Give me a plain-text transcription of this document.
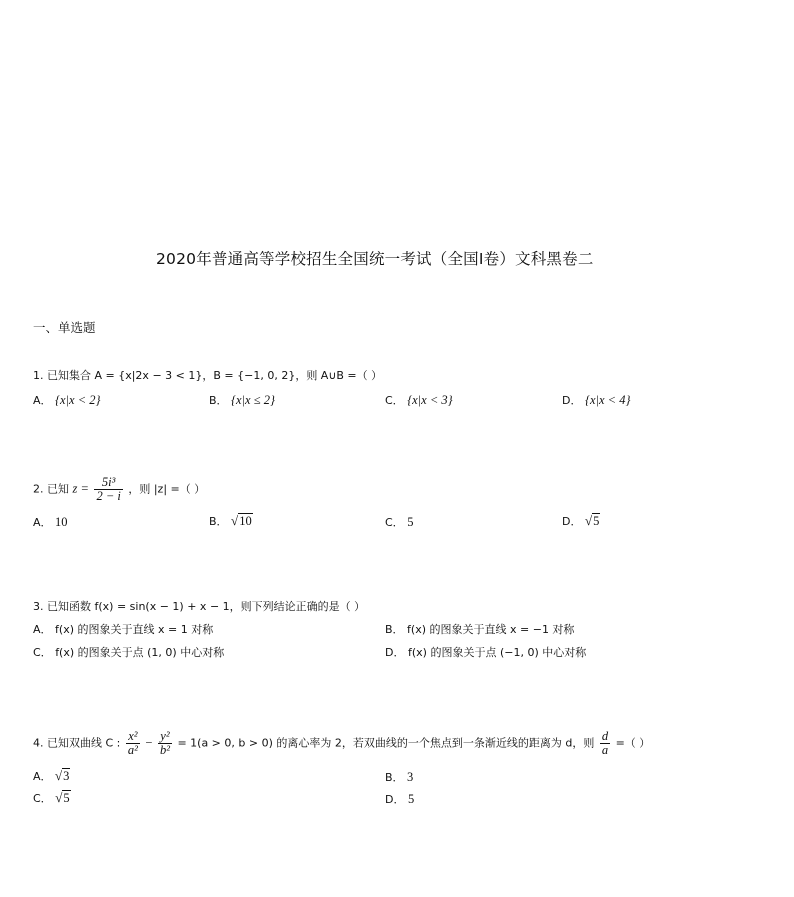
2020年普通高等学校招生全国统一考试（全国Ⅰ卷）文科黑卷二
一、单选题
1. 已知集合 A = {x|2x − 3 < 1}，B = {−1, 0, 2}，则 A∪B =（ ）
A． {x|x < 2}	B． {x|x ≤ 2}	C． {x|x < 3}	D． {x|x < 4}
2. 已知 $z = \frac{\text{5i³}}{2 - i}$ ，则 |z| =（ ）
A． 10	B． √10	C． 5	D． √5
3. 已知函数 f(x) = sin(x − 1) + x − 1，则下列结论正确的是（ ）
A． f(x) 的图象关于直线 x = 1 对称	B． f(x) 的图象关于直线 x = −1 对称
C． f(x) 的图象关于点 (1, 0) 中心对称	D． f(x) 的图象关于点 (−1, 0) 中心对称
4. 已知双曲线 C : $\frac{\text{x²}}{\text{a²}} - \frac{\text{y²}}{\text{b²}} = 1(a > 0$, b > 0) 的离心率为 2，若双曲线的一个焦点到一条渐近线的距离为 d，则 $\frac{d}{a}$ =（ ）
A． √3	B． 3
C． √5	D． 5
